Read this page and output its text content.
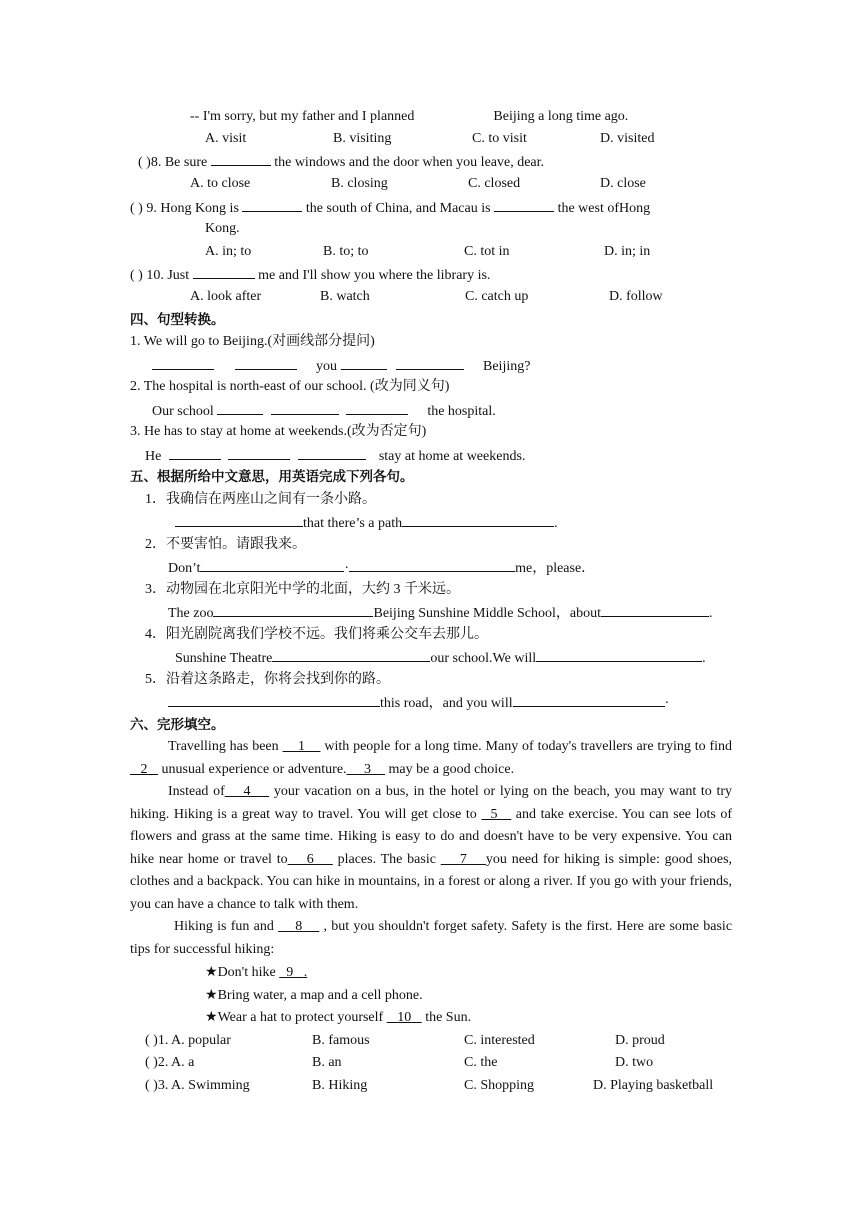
-- I'm sorry, but my father and I planned	Beijing a long time ago.
A. visit	B. visiting	C. to visit	D. visited
( )8. Be sure	the windows and the door when you leave, dear.
A. to close	B. closing	C. closed	D. close
( ) 9. Hong Kong is	the south of China, and Macau is	the west ofHong
Kong.
A. in; to	B. to; to	C. tot in	D. in; in
( ) 10. Just	me and I'll show you where the library is.
A. look after	B. watch	C. catch up	D. follow
四、句型转换。
1. We will go to Beijing.(对画线部分提问)
you	Beijing?
2. The hospital is north-east of our school. (改为同义句)
Our school	the hospital.
3. He has to stay at home at weekends.(改为否定句)
He	stay at home at weekends.
五、根据所给中文意思，用英语完成下列各句。
1．我确信在两座山之间有一条小路。
that there’s a path	.
2．不要害怕。请跟我来。
Don’t	·	me，please．
3．动物园在北京阳光中学的北面，大约 3 千米远。
The zoo	Beijing Sunshine Middle School，about	.
4．阳光剧院离我们学校不远。我们将乘公交车去那儿。
Sunshine Theatre	our school.We will	.
5．沿着这条路走，你将会找到你的路。
this road，and you will	·
六、完形填空。
Travelling has been 1 with people for a long time. Many of today's travellers are trying to find    2 unusual experience or adventure. 3 may be a good choice.
Instead of 4 your vacation on a bus, in the hotel or lying on the beach, you may want to try hiking. Hiking is a great way to travel. You will get close to 5 and take exercise. You can see lots of flowers and grass at the same time. Hiking is easy to do and doesn't have to be very expensive. You can hike near home or travel to 6 places. The basic 7 you need for hiking is simple: good shoes, clothes and a backpack. You can hike in mountains, in a forest or along a river. If you go with your friends, you can have a chance to talk with them.
Hiking is fun and 8 , but you shouldn't forget safety. Safety is the first. Here are some basic tips for successful hiking:
★Don't hike 9 .
★Bring water, a map and a cell phone.
★Wear a hat to protect yourself 10 the Sun.
( )1. A. popular	B. famous	C. interested	D. proud
( )2. A. a	B. an	C. the	D. two
( )3. A. Swimming	B. Hiking	C. Shopping	D. Playing basketball
